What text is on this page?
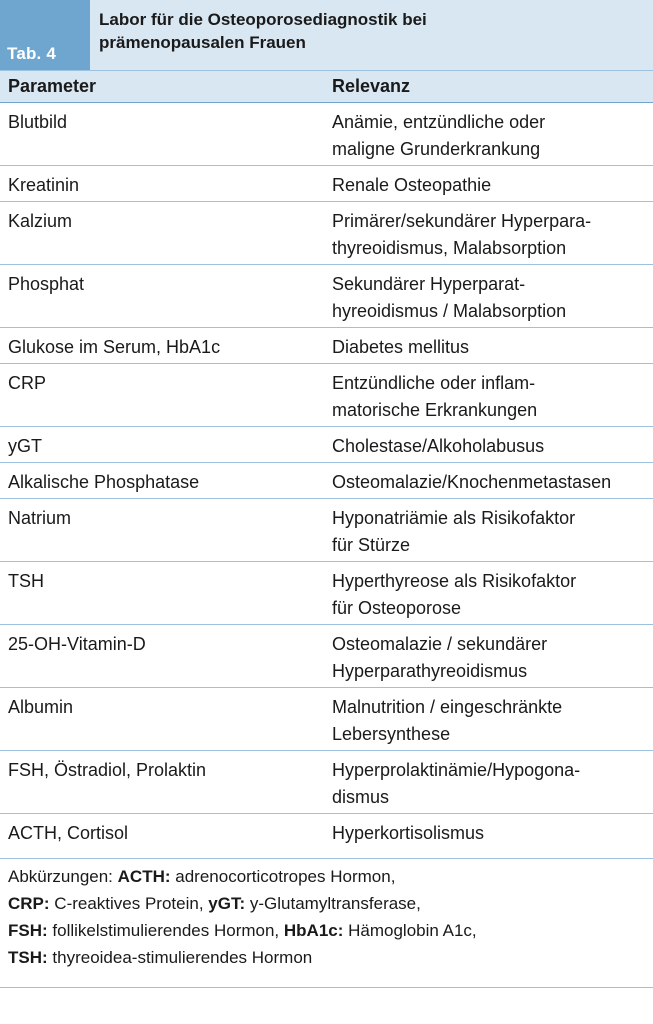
Tab. 4
Labor für die Osteoporosediagnostik bei
prämenopausalen Frauen
Parameter	Relevanz
Blutbild	Anämie, entzündliche oder
maligne Grunderkrankung
Kreatinin	Renale Osteopathie
Kalzium	Primärer/sekundärer Hyperpara-
thyreoidismus, Malabsorption
Phosphat	Sekundärer Hyperparat-
hyreoidismus / Malabsorption
Glukose im Serum, HbA1c	Diabetes mellitus
CRP	Entzündliche oder inflam-
matorische Erkrankungen
yGT	Cholestase/Alkoholabusus
Alkalische Phosphatase	Osteomalazie/Knochenmetastasen
Natrium	Hyponatriämie als Risikofaktor
für Stürze
TSH	Hyperthyreose als Risikofaktor
für Osteoporose
25-OH-Vitamin-D	Osteomalazie / sekundärer
Hyperparathyreoidismus
Albumin	Malnutrition / eingeschränkte
Lebersynthese
FSH, Östradiol, Prolaktin	Hyperprolaktinämie/Hypogona-
dismus
ACTH, Cortisol	Hyperkortisolismus
Abkürzungen: ACTH: adrenocorticotropes Hormon,
CRP: C-reaktives Protein, yGT: y-Glutamyltransferase,
FSH: follikelstimulierendes Hormon, HbA1c: Hämoglobin A1c,
TSH: thyreoidea-stimulierendes Hormon
